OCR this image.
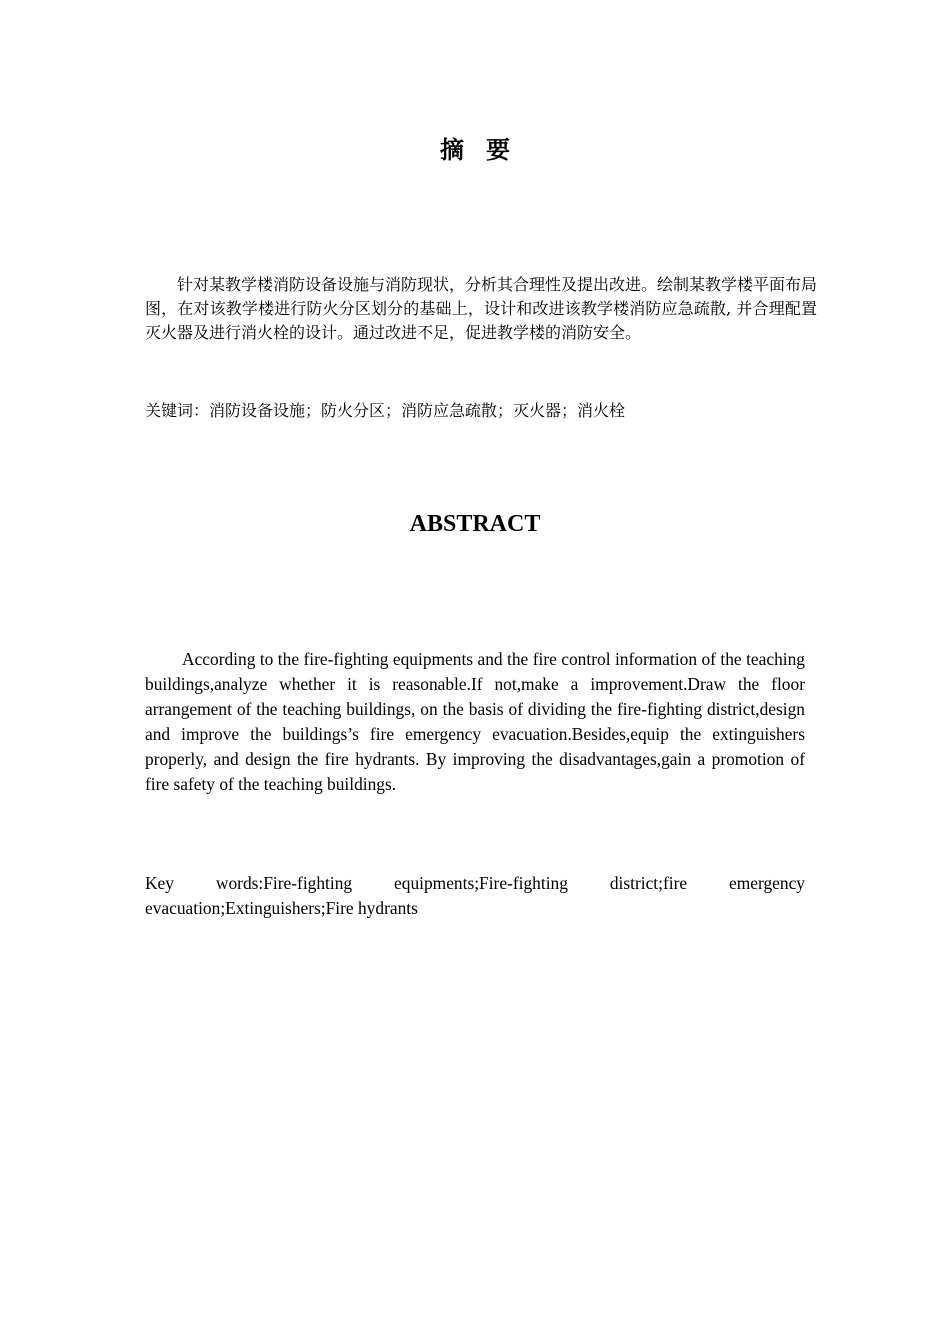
摘要

针对某教学楼消防设备设施与消防现状，分析其合理性及提出改进。绘制某教学楼平面布局图，在对该教学楼进行防火分区划分的基础上，设计和改进该教学楼消防应急疏散, 并合理配置灭火器及进行消火栓的设计。通过改进不足，促进教学楼的消防安全。

关键词：消防设备设施；防火分区；消防应急疏散；灭火器；消火栓

ABSTRACT

According to the fire-fighting equipments and the fire control information of the teaching buildings,analyze whether it is reasonable.If not,make a improvement.Draw the floor arrangement of the teaching buildings, on the basis of dividing the fire-fighting district,design and improve the buildings’s fire emergency evacuation.Besides,equip the extinguishers properly, and design the fire hydrants. By improving the disadvantages,gain a promotion of fire safety of the teaching buildings.

Key words:Fire-fighting equipments;Fire-fighting district;fire emergency evacuation;Extinguishers;Fire hydrants
